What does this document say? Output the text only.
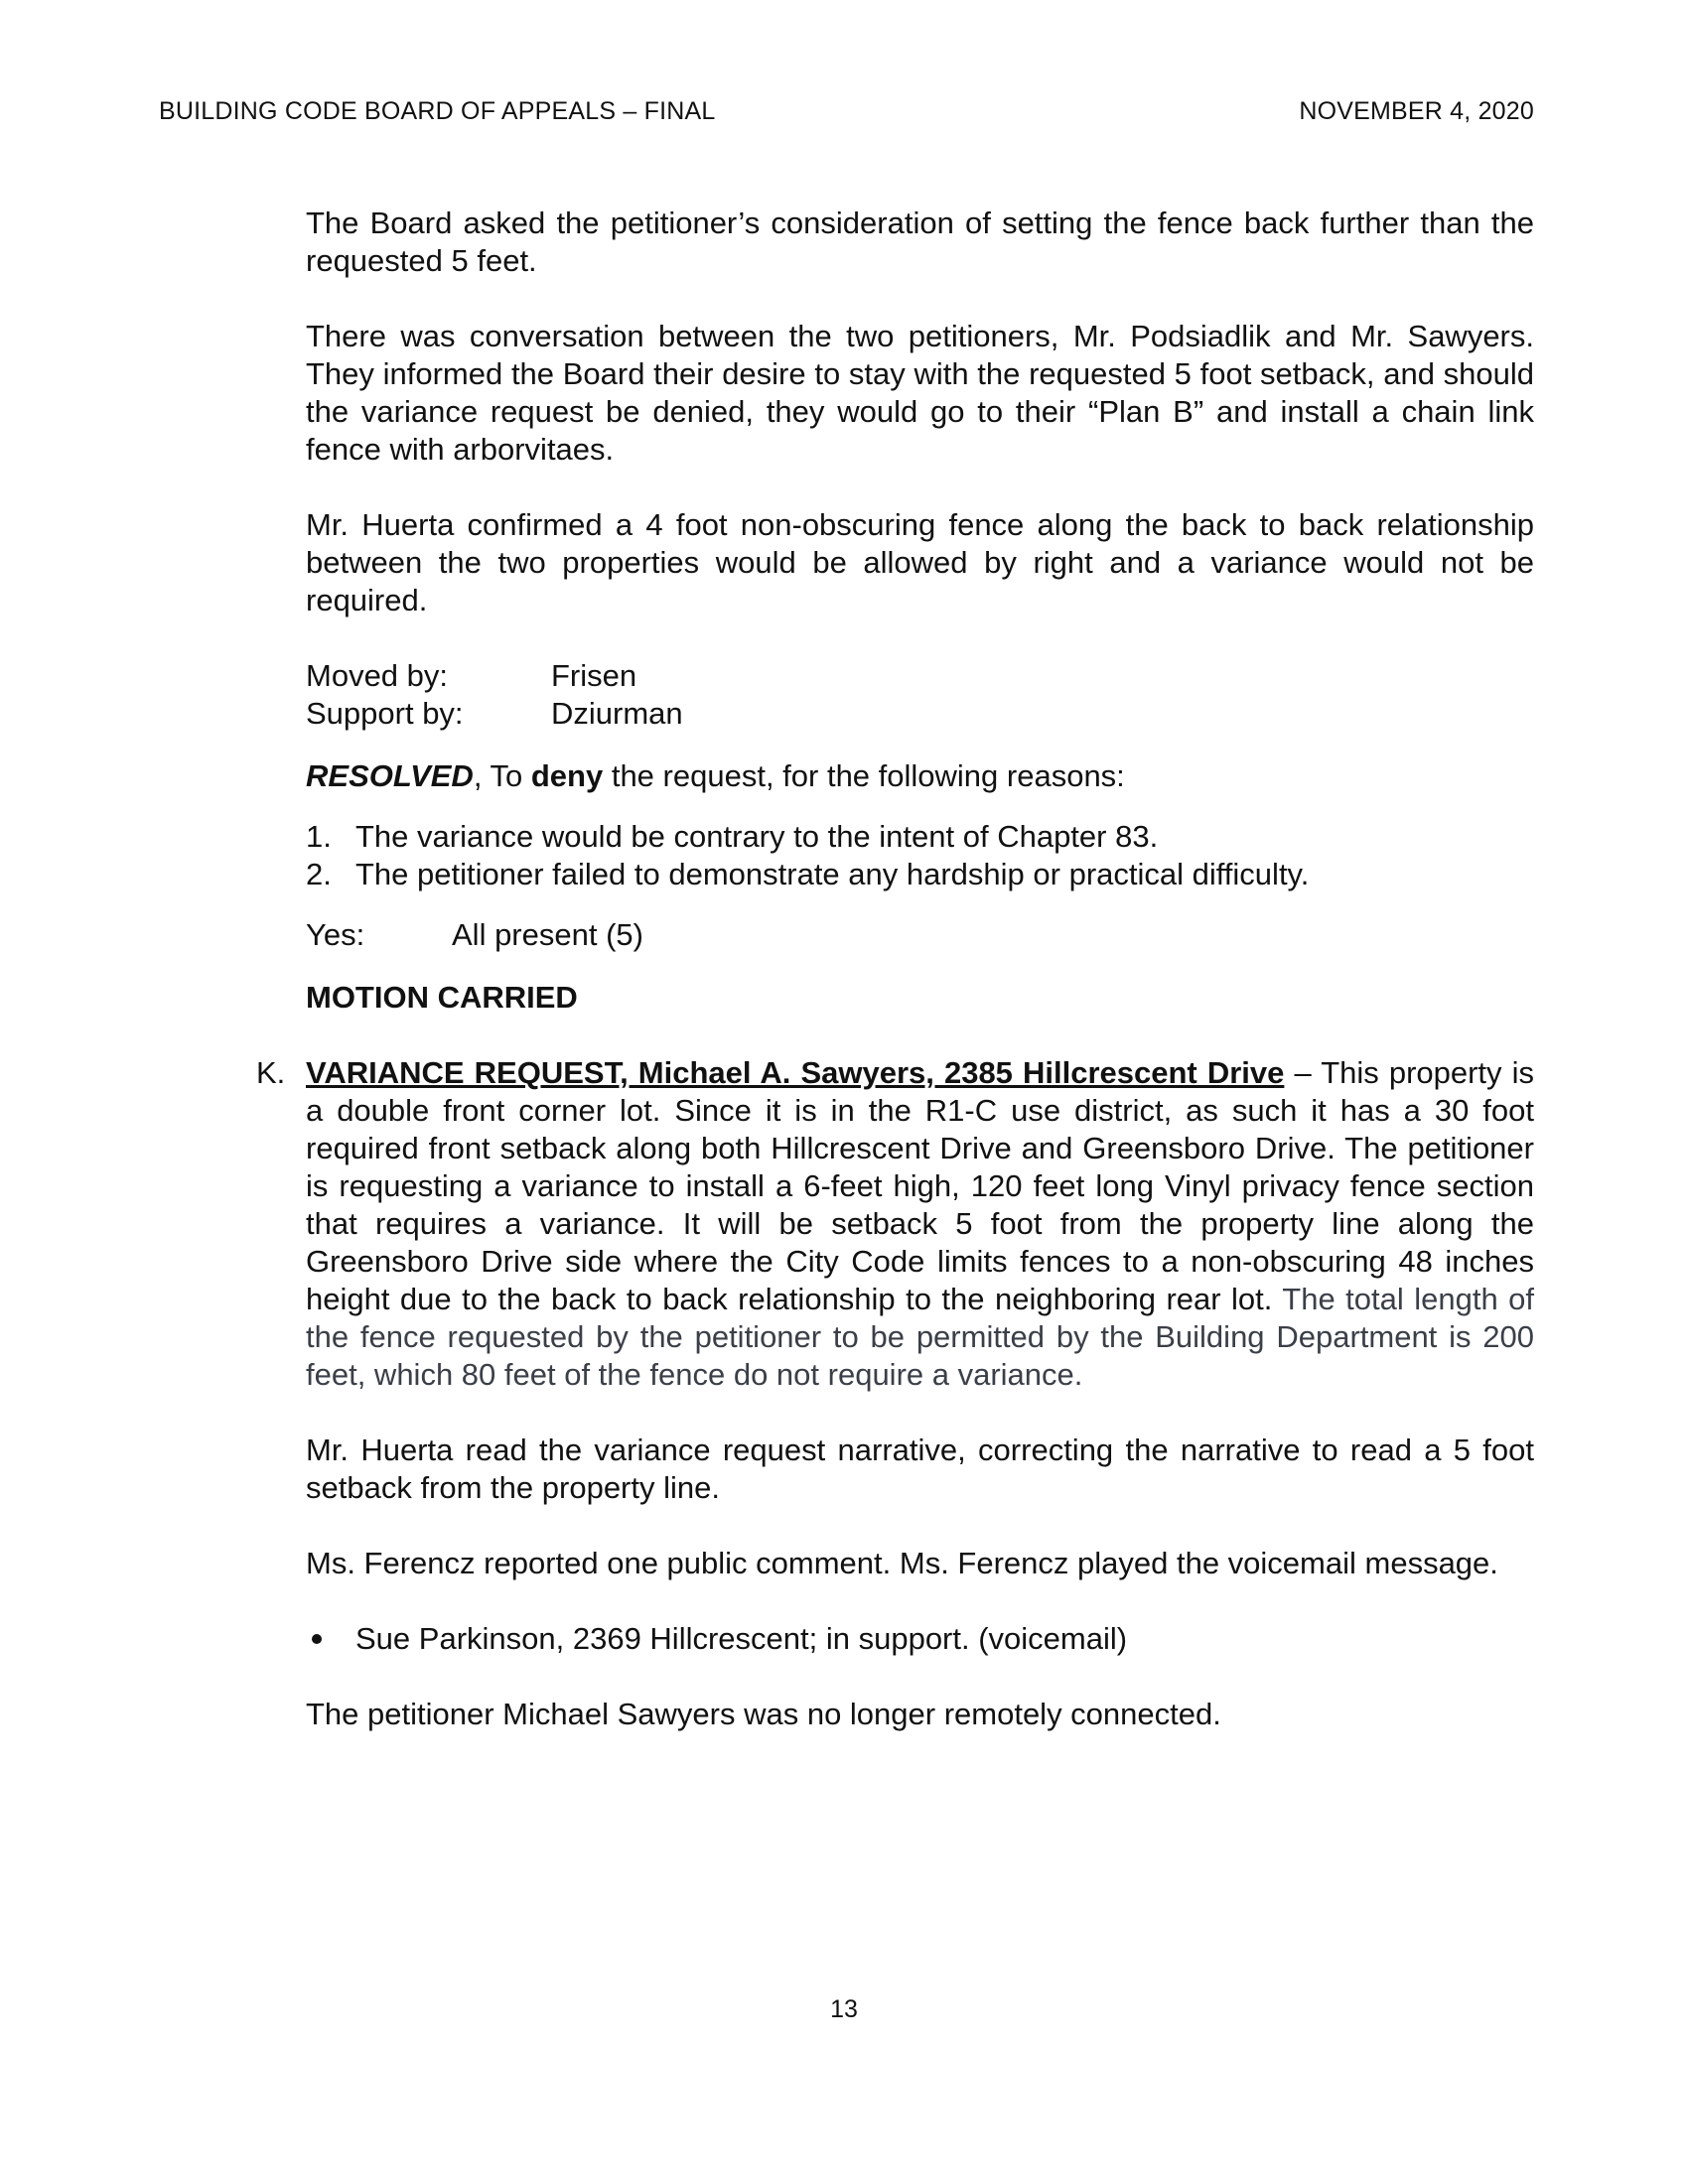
BUILDING CODE BOARD OF APPEALS – FINAL	NOVEMBER 4, 2020

The Board asked the petitioner’s consideration of setting the fence back further than the requested 5 feet.

There was conversation between the two petitioners, Mr. Podsiadlik and Mr. Sawyers. They informed the Board their desire to stay with the requested 5 foot setback, and should the variance request be denied, they would go to their “Plan B” and install a chain link fence with arborvitaes.

Mr. Huerta confirmed a 4 foot non-obscuring fence along the back to back relationship between the two properties would be allowed by right and a variance would not be required.

Moved by:	Frisen
Support by:	Dziurman

RESOLVED, To deny the request, for the following reasons:

1. The variance would be contrary to the intent of Chapter 83.
2. The petitioner failed to demonstrate any hardship or practical difficulty.
Yes:	All present (5)

MOTION CARRIED

K. VARIANCE REQUEST, Michael A. Sawyers, 2385 Hillcrescent Drive – This property is a double front corner lot. Since it is in the R1-C use district, as such it has a 30 foot required front setback along both Hillcrescent Drive and Greensboro Drive. The petitioner is requesting a variance to install a 6-feet high, 120 feet long Vinyl privacy fence section that requires a variance. It will be setback 5 foot from the property line along the Greensboro Drive side where the City Code limits fences to a non-obscuring 48 inches height due to the back to back relationship to the neighboring rear lot. The total length of the fence requested by the petitioner to be permitted by the Building Department is 200 feet, which 80 feet of the fence do not require a variance.

Mr. Huerta read the variance request narrative, correcting the narrative to read a 5 foot setback from the property line.

Ms. Ferencz reported one public comment. Ms. Ferencz played the voicemail message.

Sue Parkinson, 2369 Hillcrescent; in support. (voicemail)

The petitioner Michael Sawyers was no longer remotely connected.

13
